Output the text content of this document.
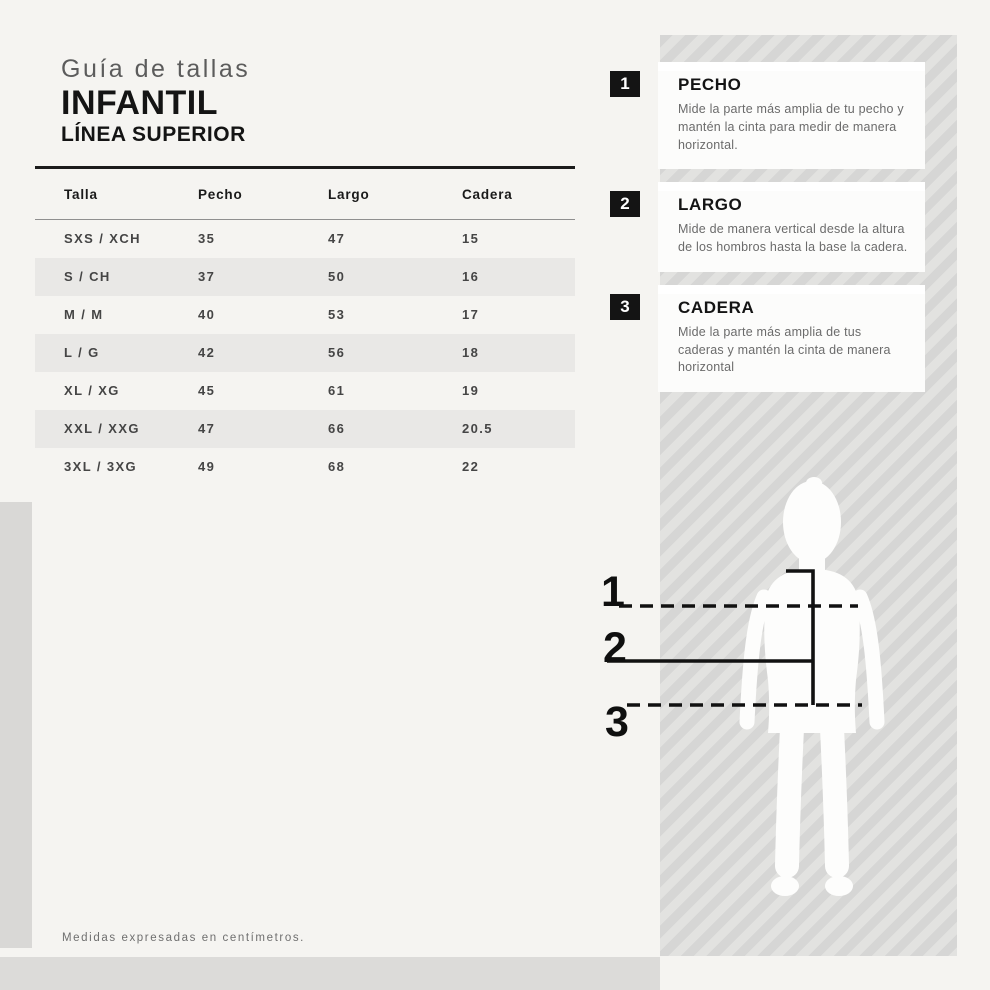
Guía de tallas
INFANTIL
LÍNEA SUPERIOR
Talla	Pecho	Largo	Cadera
SXS / XCH	35	47	15
S / CH	37	50	16
M / M	40	53	17
L / G	42	56	18
XL / XG	45	61	19
XXL / XXG	47	66	20.5
3XL / 3XG	49	68	22
1	PECHO
Mide la parte más amplia de tu pecho y mantén la cinta para medir de manera horizontal.
2	LARGO
Mide de manera vertical desde la altura de los hombros hasta la base la cadera.
3	CADERA
Mide la parte más amplia de tus caderas y mantén la cinta de manera horizontal
1
2
3
Medidas expresadas en centímetros.
